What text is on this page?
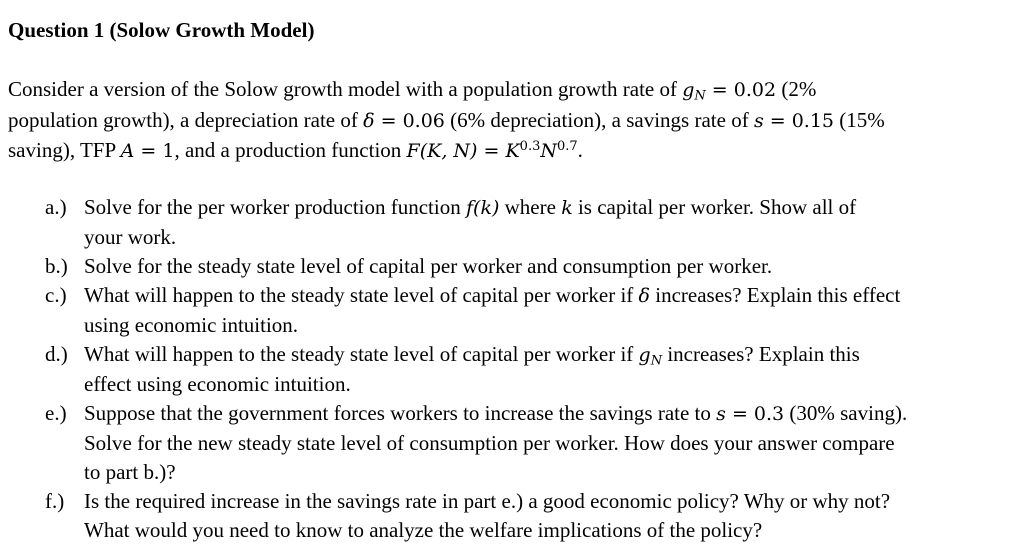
Question 1 (Solow Growth Model)
Consider a version of the Solow growth model with a population growth rate of $g_N = 0.02$ (2%
population growth), a depreciation rate of δ = 0.06 (6% depreciation), a savings rate of s = 0.15 (15%
saving), TFP A = 1, and a production function F(K, $N) = K^{0.3}N^{0.7}$.
a.) Solve for the per worker production function f(k) where k is capital per worker. Show all of
your work.
b.) Solve for the steady state level of capital per worker and consumption per worker.
c.) What will happen to the steady state level of capital per worker if δ increases? Explain this effect
using economic intuition.
d.) What will happen to the steady state level of capital per worker if $g_N$ increases? Explain this
effect using economic intuition.
e.) Suppose that the government forces workers to increase the savings rate to s = 0.3 (30% saving).
Solve for the new steady state level of consumption per worker. How does your answer compare
to part b.)?
f.) Is the required increase in the savings rate in part e.) a good economic policy? Why or why not?
What would you need to know to analyze the welfare implications of the policy?
